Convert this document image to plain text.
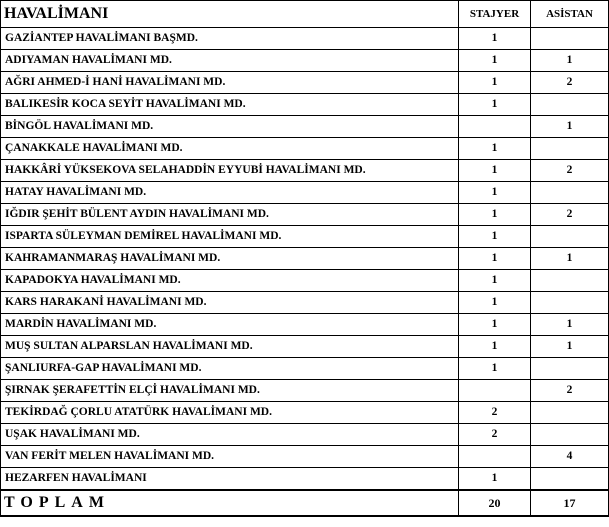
HAVALİMANI	STAJYER	ASİSTAN
GAZİANTEP HAVALİMANI BAŞMD.	1	
ADIYAMAN HAVALİMANI MD.	1	1
AĞRI AHMED-İ HANİ HAVALİMANI MD.	1	2
BALIKESİR KOCA SEYİT HAVALİMANI MD.	1	
BİNGÖL HAVALİMANI MD.		1
ÇANAKKALE HAVALİMANI MD.	1	
HAKKÂRİ YÜKSEKOVA SELAHADDİN EYYUBİ HAVALİMANI MD.	1	2
HATAY HAVALİMANI MD.	1	
IĞDIR ŞEHİT BÜLENT AYDIN HAVALİMANI MD.	1	2
ISPARTA SÜLEYMAN DEMİREL HAVALİMANI MD.	1	
KAHRAMANMARAŞ HAVALİMANI MD.	1	1
KAPADOKYA HAVALİMANI MD.	1	
KARS HARAKANİ HAVALİMANI MD.	1	
MARDİN HAVALİMANI MD.	1	1
MUŞ SULTAN ALPARSLAN HAVALİMANI MD.	1	1
ŞANLIURFA-GAP HAVALİMANI MD.	1	
ŞIRNAK ŞERAFETTİN ELÇİ HAVALİMANI MD.		2
TEKİRDAĞ ÇORLU ATATÜRK HAVALİMANI MD.	2	
UŞAK HAVALİMANI MD.	2	
VAN FERİT MELEN HAVALİMANI MD.		4
HEZARFEN HAVALİMANI	1	
TOPLAM	20	17
